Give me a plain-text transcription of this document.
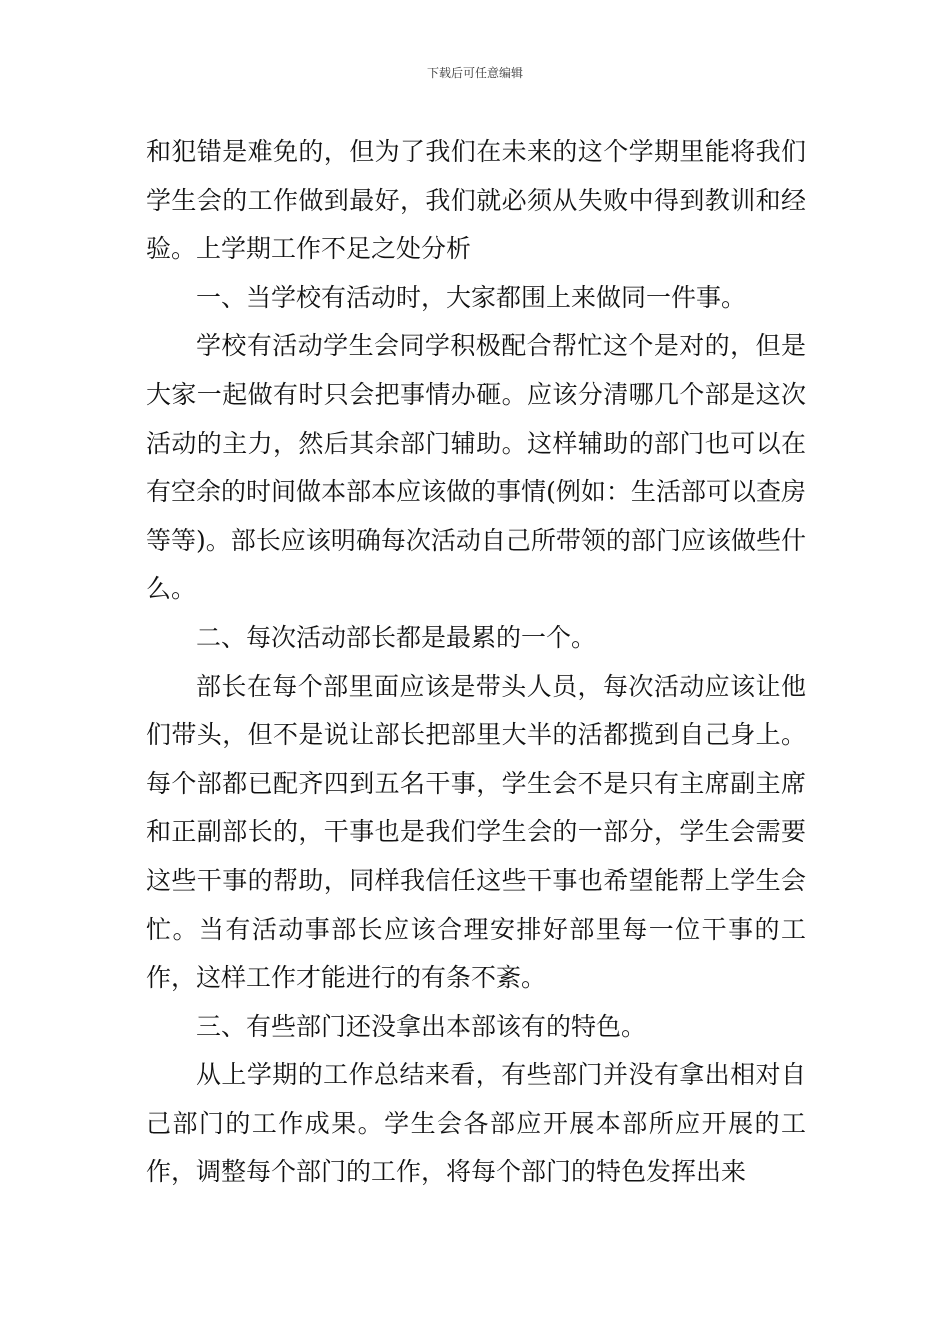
下载后可任意编辑

和犯错是难免的，但为了我们在未来的这个学期里能将我们学生会的工作做到最好，我们就必须从失败中得到教训和经验。上学期工作不足之处分析

一、当学校有活动时，大家都围上来做同一件事。

学校有活动学生会同学积极配合帮忙这个是对的，但是大家一起做有时只会把事情办砸。应该分清哪几个部是这次活动的主力，然后其余部门辅助。这样辅助的部门也可以在有空余的时间做本部本应该做的事情(例如：生活部可以查房等等)。部长应该明确每次活动自己所带领的部门应该做些什么。

二、每次活动部长都是最累的一个。

部长在每个部里面应该是带头人员，每次活动应该让他们带头，但不是说让部长把部里大半的活都揽到自己身上。每个部都已配齐四到五名干事，学生会不是只有主席副主席和正副部长的，干事也是我们学生会的一部分，学生会需要这些干事的帮助，同样我信任这些干事也希望能帮上学生会忙。当有活动事部长应该合理安排好部里每一位干事的工作，这样工作才能进行的有条不紊。

三、有些部门还没拿出本部该有的特色。

从上学期的工作总结来看，有些部门并没有拿出相对自己部门的工作成果。学生会各部应开展本部所应开展的工作，调整每个部门的工作，将每个部门的特色发挥出来
